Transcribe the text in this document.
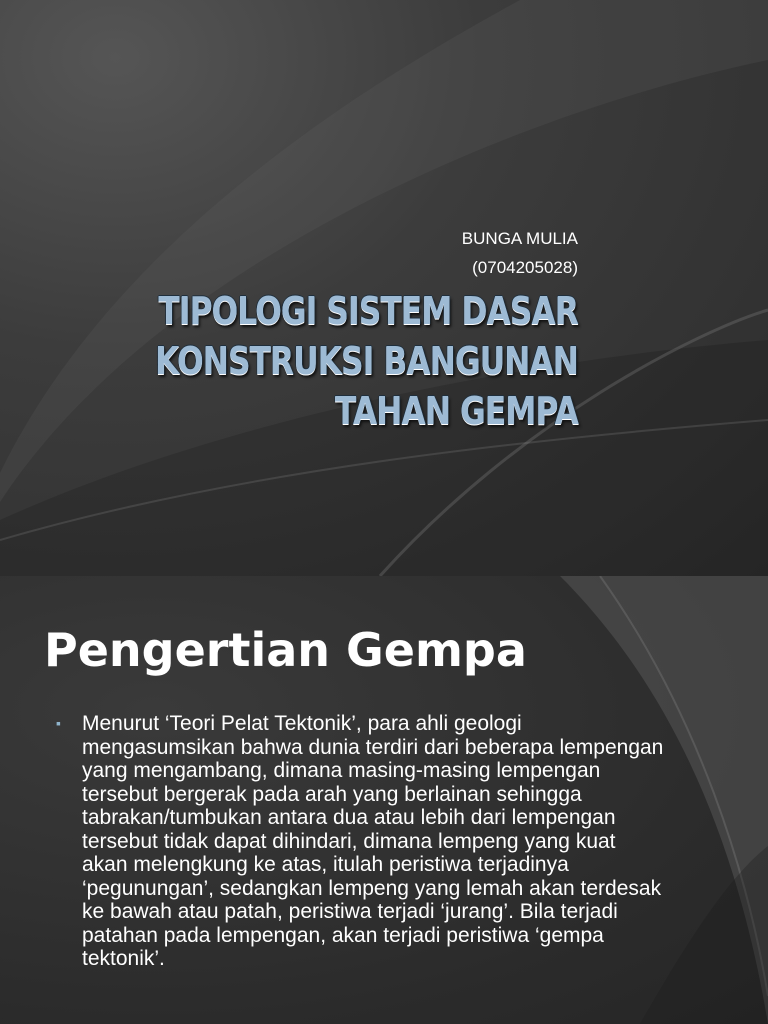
BUNGA MULIA
(0704205028)
TIPOLOGI SISTEM DASAR
KONSTRUKSI BANGUNAN
TAHAN GEMPA
Pengertian Gempa
▪ Menurut ‘Teori Pelat Tektonik’, para ahli geologi mengasumsikan bahwa dunia terdiri dari beberapa lempengan yang mengambang, dimana masing-masing lempengan tersebut bergerak pada arah yang berlainan sehingga tabrakan/tumbukan antara dua atau lebih dari lempengan tersebut tidak dapat dihindari, dimana lempeng yang kuat akan melengkung ke atas, itulah peristiwa terjadinya ‘pegunungan’, sedangkan lempeng yang lemah akan terdesak ke bawah atau patah, peristiwa terjadi ‘jurang’. Bila terjadi patahan pada lempengan, akan terjadi peristiwa ‘gempa tektonik’.
